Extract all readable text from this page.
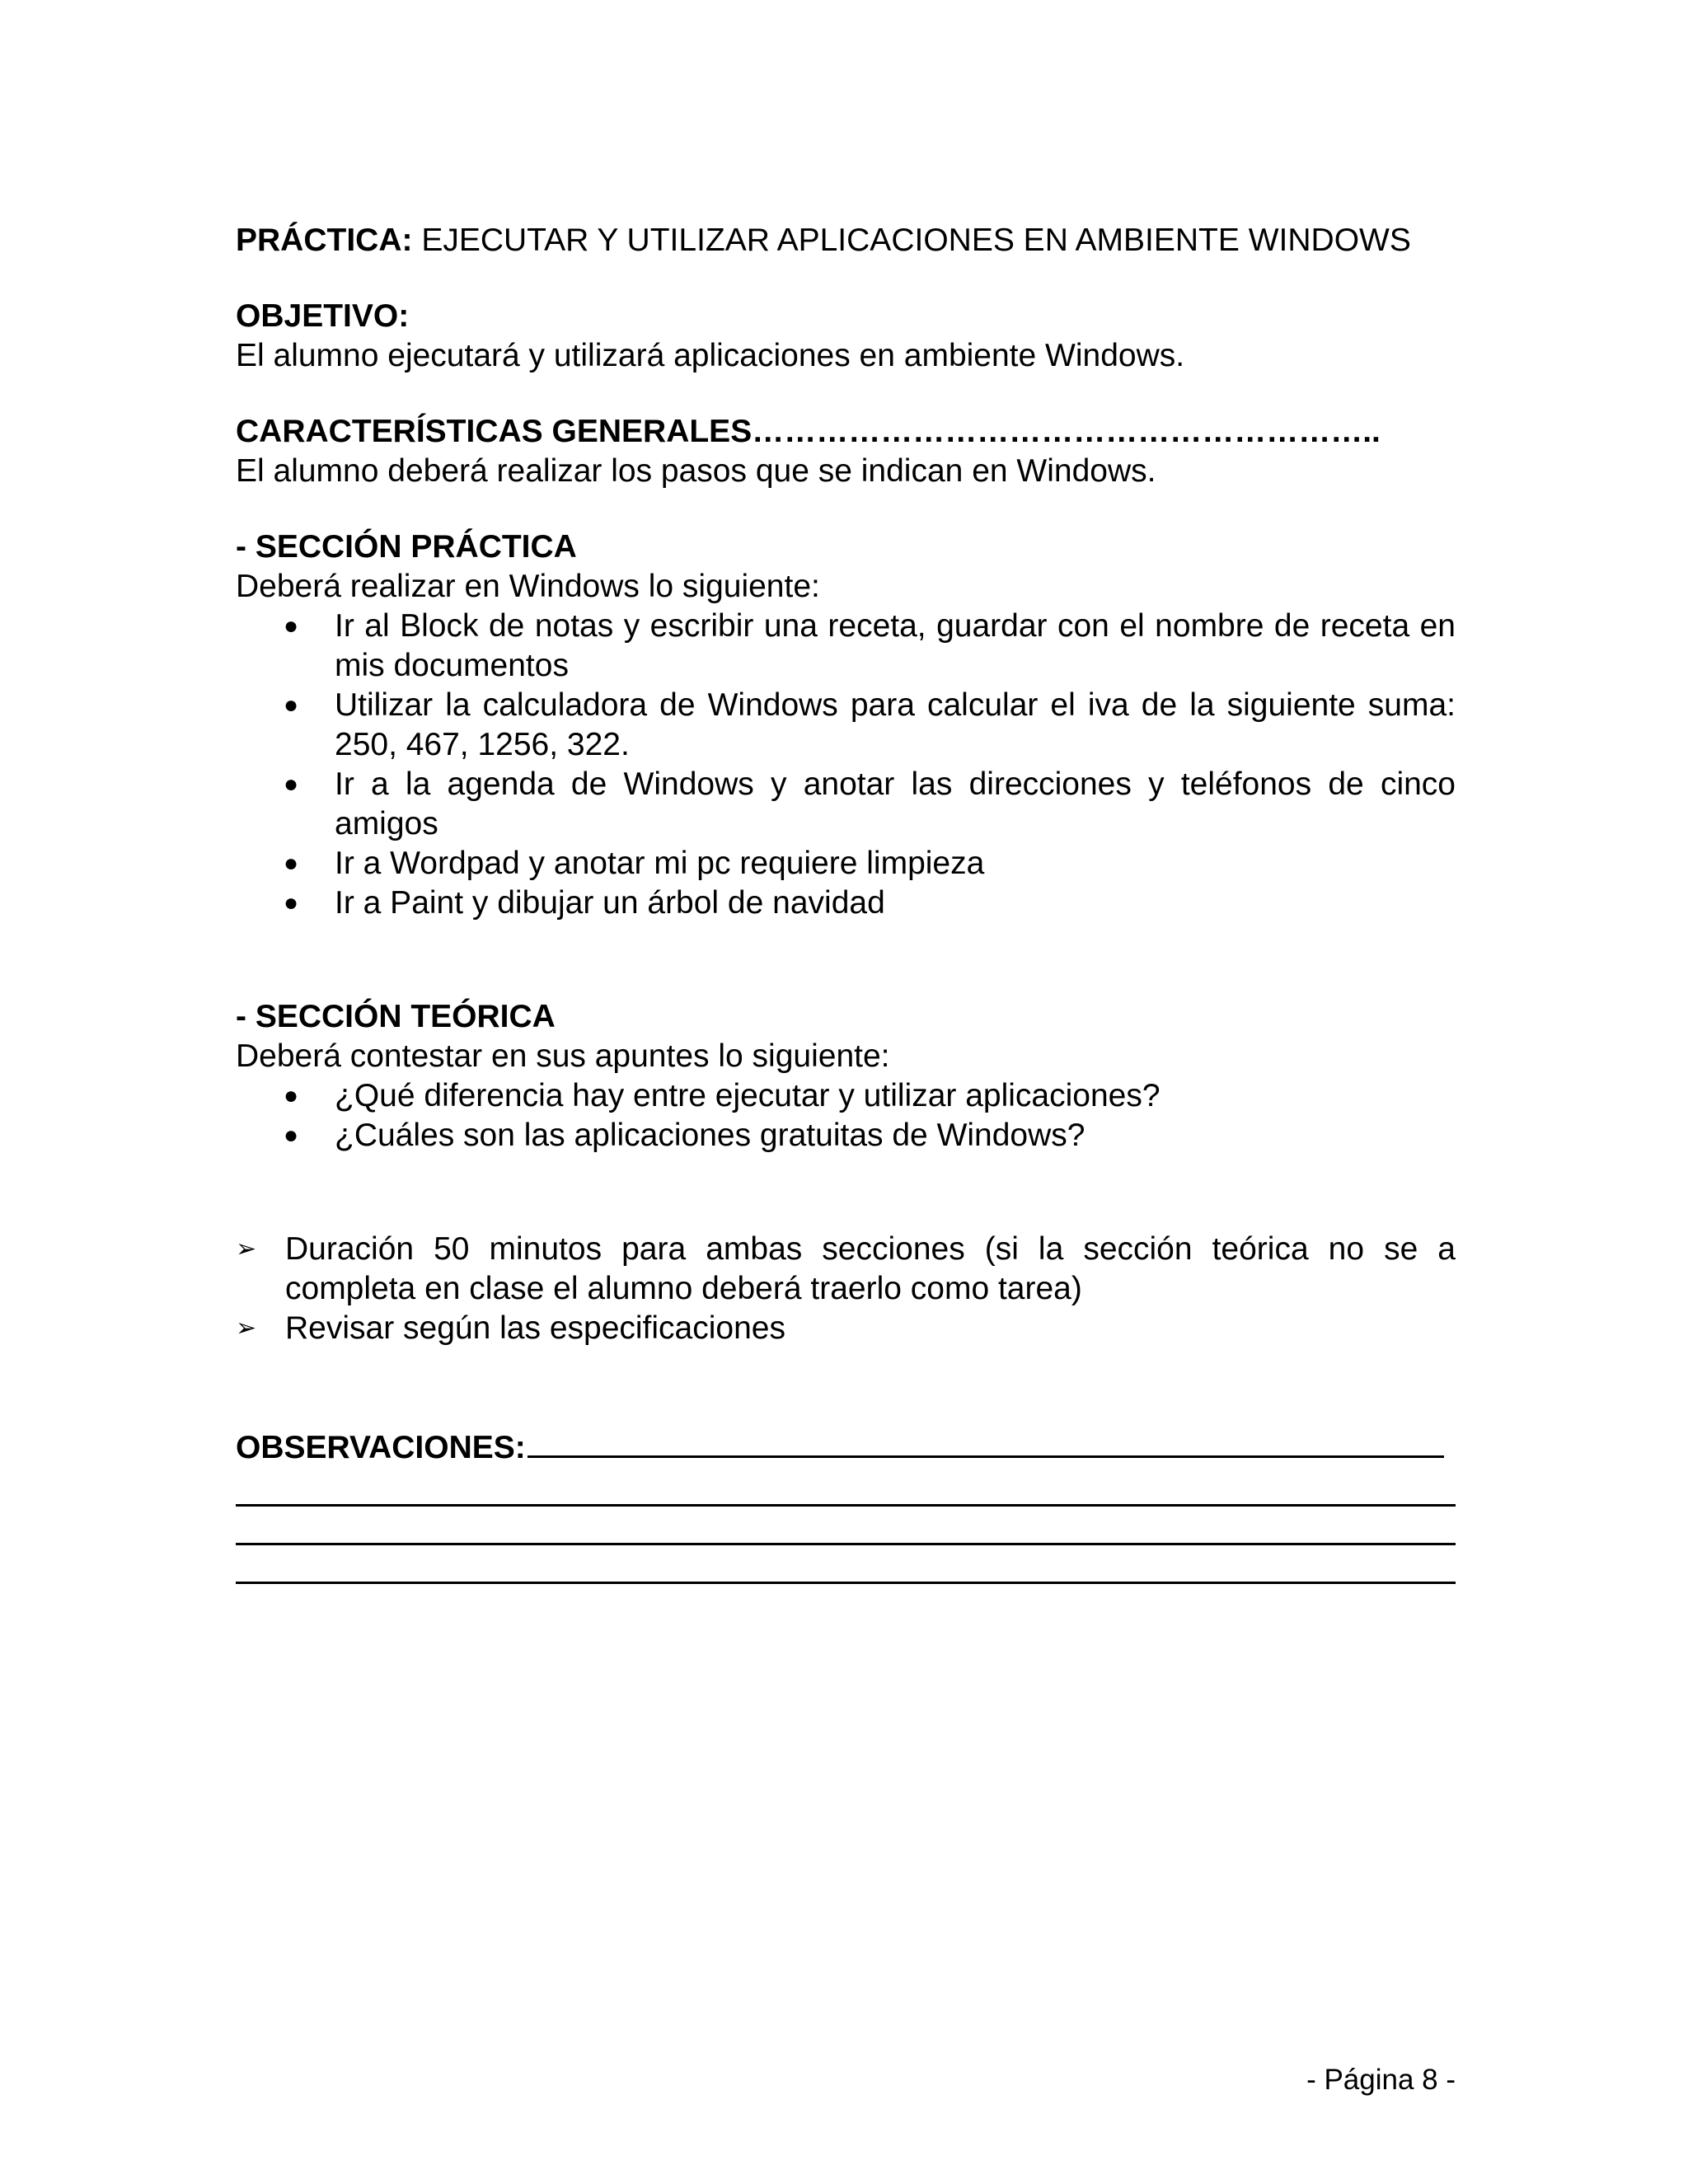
PRÁCTICA: EJECUTAR Y UTILIZAR APLICACIONES EN AMBIENTE WINDOWS
OBJETIVO:
El alumno ejecutará y utilizará aplicaciones en ambiente Windows.
CARACTERÍSTICAS GENERALES…………………………………………………..
El alumno deberá realizar los pasos que se indican en Windows.
- SECCIÓN PRÁCTICA
Deberá realizar en Windows lo siguiente:
● Ir al Block de notas y escribir una receta, guardar con el nombre de receta en mis documentos
● Utilizar la calculadora de Windows para calcular el iva de la siguiente suma: 250, 467, 1256, 322.
● Ir a la agenda de Windows y anotar las direcciones y teléfonos de cinco amigos
● Ir a Wordpad y anotar mi pc requiere limpieza
● Ir a Paint y dibujar un árbol de navidad
- SECCIÓN TEÓRICA
Deberá contestar en sus apuntes lo siguiente:
● ¿Qué diferencia hay entre ejecutar y utilizar aplicaciones?
● ¿Cuáles son las aplicaciones gratuitas de Windows?
➢ Duración 50 minutos para ambas secciones (si la sección teórica no se a completa en clase el alumno deberá traerlo como tarea)
➢ Revisar según las especificaciones
OBSERVACIONES:
- Página 8 -
